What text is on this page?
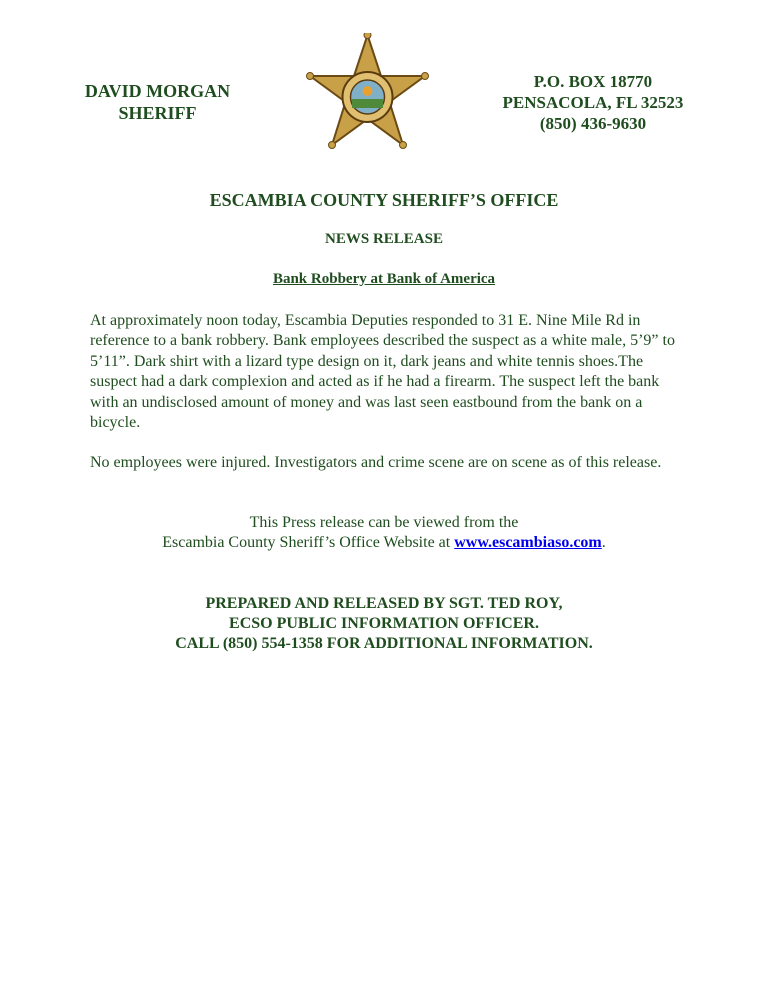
DAVID MORGAN
SHERIFF
P.O. BOX 18770
PENSACOLA, FL 32523
(850) 436-9630
ESCAMBIA COUNTY SHERIFF’S OFFICE
NEWS RELEASE
Bank Robbery at Bank of America
At approximately noon today, Escambia Deputies responded to 31 E. Nine Mile Rd in reference to a bank robbery. Bank employees described the suspect as a white male, 5’9” to 5’11”. Dark shirt with a lizard type design on it, dark jeans and white tennis shoes.The suspect had a dark complexion and acted as if he had a firearm. The suspect left the bank with an undisclosed amount of money and was last seen eastbound from the bank on a bicycle.
No employees were injured. Investigators and crime scene are on scene as of this release.
This Press release can be viewed from the
Escambia County Sheriff’s Office Website at www.escambiaso.com.
PREPARED AND RELEASED BY SGT. TED ROY,
ECSO PUBLIC INFORMATION OFFICER.
CALL (850) 554-1358 FOR ADDITIONAL INFORMATION.
